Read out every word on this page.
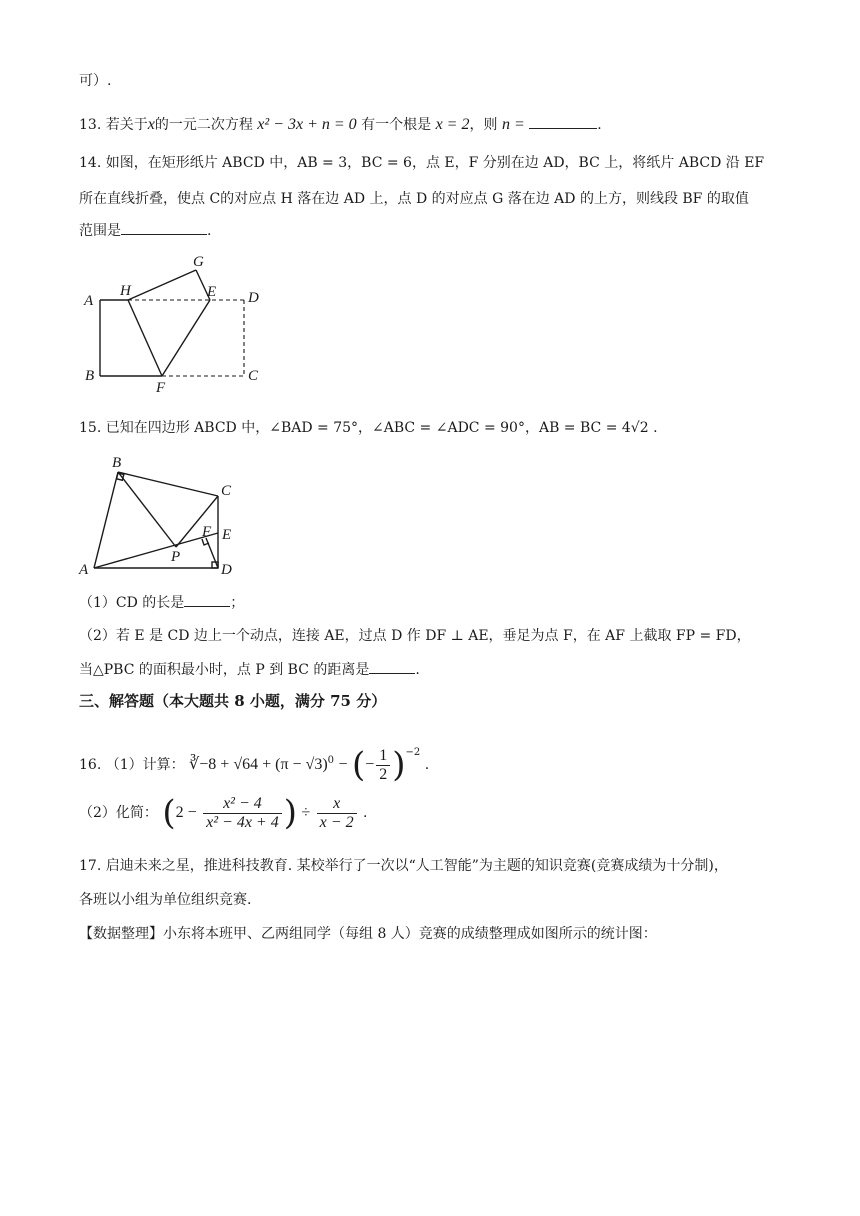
可）.
13. 若关于x的一元二次方程 x² − 3x + n = 0 有一个根是 x = 2，则 n =	.
14. 如图，在矩形纸片 ABCD 中，AB = 3，BC = 6，点 E，F 分别在边 AD，BC 上，将纸片 ABCD 沿 EF
所在直线折叠，使点 C的对应点 H 落在边 AD 上，点 D 的对应点 G 落在边 AD 的上方，则线段 BF 的取值
范围是	.
A
H
G
E D
B
F
C
15. 已知在四边形 ABCD 中，∠BAD = 75°，∠ABC = ∠ADC = 90°，AB = BC = 4√2 .
B
C
F E
P
A	D
（1）CD 的长是	；
（2）若 E 是 CD 边上一个动点，连接 AE，过点 D 作 DF ⊥ AE，垂足为点 F，在 AF 上截取 FP = FD，
当△PBC 的面积最小时，点 P 到 BC 的距离是	.
三、解答题（本大题共 8 小题，满分 75 分）
16. （1）计算： ∛−8 + $√64 + (\pi - √3)^0$ − (− $\frac{1}{2} )^{-2}$ .
（2）化简： ($2 - \frac{\text{x² − 4}}{\text{x² − 4x + 4}}$ ) ÷ $\frac{x}{x - 2}$ .
17. 启迪未来之星，推进科技教育. 某校举行了一次以“人工智能”为主题的知识竞赛(竞赛成绩为十分制)，
各班以小组为单位组织竞赛.
【数据整理】小东将本班甲、乙两组同学（每组 8 人）竞赛的成绩整理成如图所示的统计图：
